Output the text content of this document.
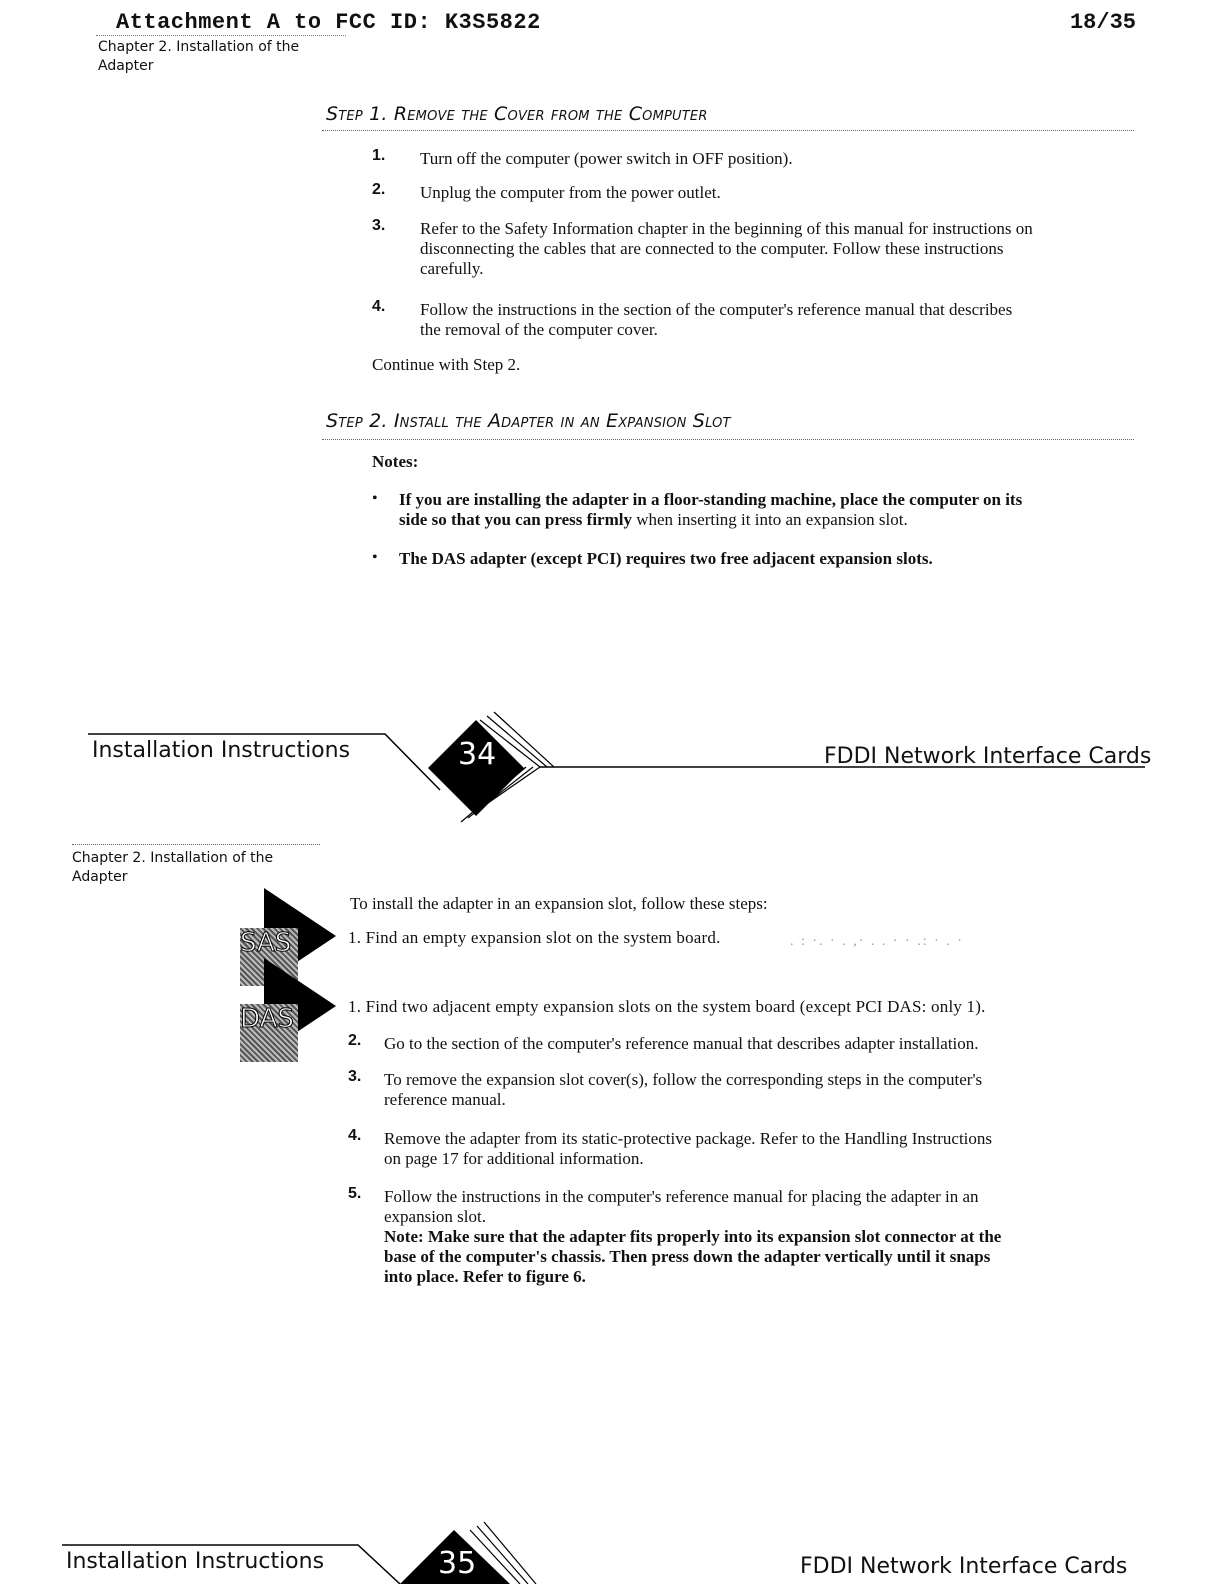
Attachment A to FCC ID: K3S5822	18/35
Chapter 2. Installation of the
Adapter
Step 1. Remove the Cover from the Computer
1. Turn off the computer (power switch in OFF position).
2. Unplug the computer from the power outlet.
3. Refer to the Safety Information chapter in the beginning of this manual for instructions on
disconnecting the cables that are connected to the computer. Follow these instructions
carefully.
4. Follow the instructions in the section of the computer's reference manual that describes
the removal of the computer cover.
Continue with Step 2.
Step 2. Install the Adapter in an Expansion Slot
Notes:
• If you are installing the adapter in a floor-standing machine, place the computer on its
side so that you can press firmly when inserting it into an expansion slot.
• The DAS adapter (except PCI) requires two free adjacent expansion slots.
Installation Instructions	34	FDDI Network Interface Cards
Chapter 2. Installation of the
Adapter
To install the adapter in an expansion slot, follow these steps:
SAS	1. Find an empty expansion slot on the system board.	. : ·. · . ,· . . · · .: · . ·
DAS	1. Find two adjacent empty expansion slots on the system board (except PCI DAS: only 1).
2. Go to the section of the computer's reference manual that describes adapter installation.
3. To remove the expansion slot cover(s), follow the corresponding steps in the computer's
reference manual.
4. Remove the adapter from its static-protective package. Refer to the Handling Instructions
on page 17 for additional information.
5. Follow the instructions in the computer's reference manual for placing the adapter in an
expansion slot.
Note: Make sure that the adapter fits properly into its expansion slot connector at the
base of the computer's chassis. Then press down the adapter vertically until it snaps
into place. Refer to figure 6.
Installation Instructions	35	FDDI Network Interface Cards
